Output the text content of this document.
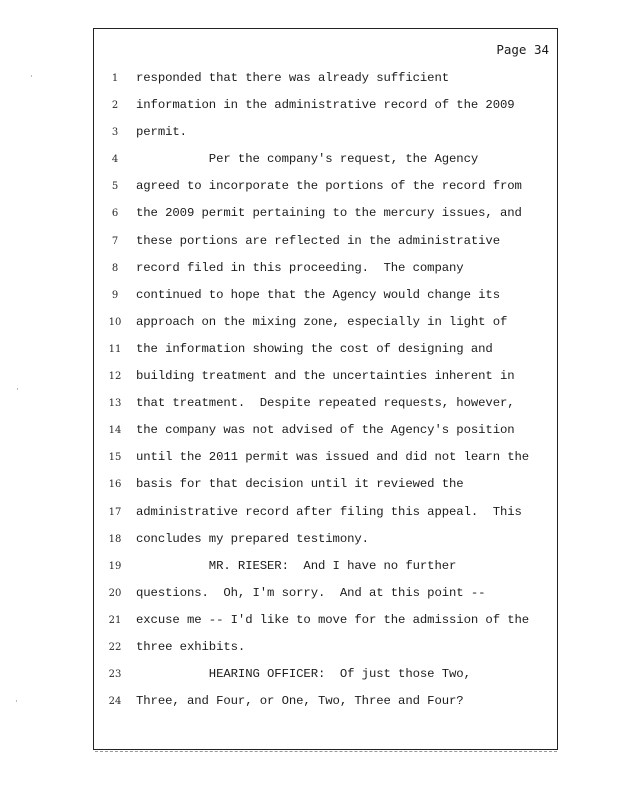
Page 34
1
2
3
4
5
6
7
8
9
10
11
12
13
14
15
16
17
18
19
20
21
22
23
24
responded that there was already sufficient
information in the administrative record of the 2009
permit.
Per the company's request, the Agency
agreed to incorporate the portions of the record from
the 2009 permit pertaining to the mercury issues, and
these portions are reflected in the administrative
record filed in this proceeding.  The company
continued to hope that the Agency would change its
approach on the mixing zone, especially in light of
the information showing the cost of designing and
building treatment and the uncertainties inherent in
that treatment.  Despite repeated requests, however,
the company was not advised of the Agency's position
until the 2011 permit was issued and did not learn the
basis for that decision until it reviewed the
administrative record after filing this appeal.  This
concludes my prepared testimony.
MR. RIESER:  And I have no further
questions.  Oh, I'm sorry.  And at this point --
excuse me -- I'd like to move for the admission of the
three exhibits.
HEARING OFFICER:  Of just those Two,
Three, and Four, or One, Two, Three and Four?
·
·
·
